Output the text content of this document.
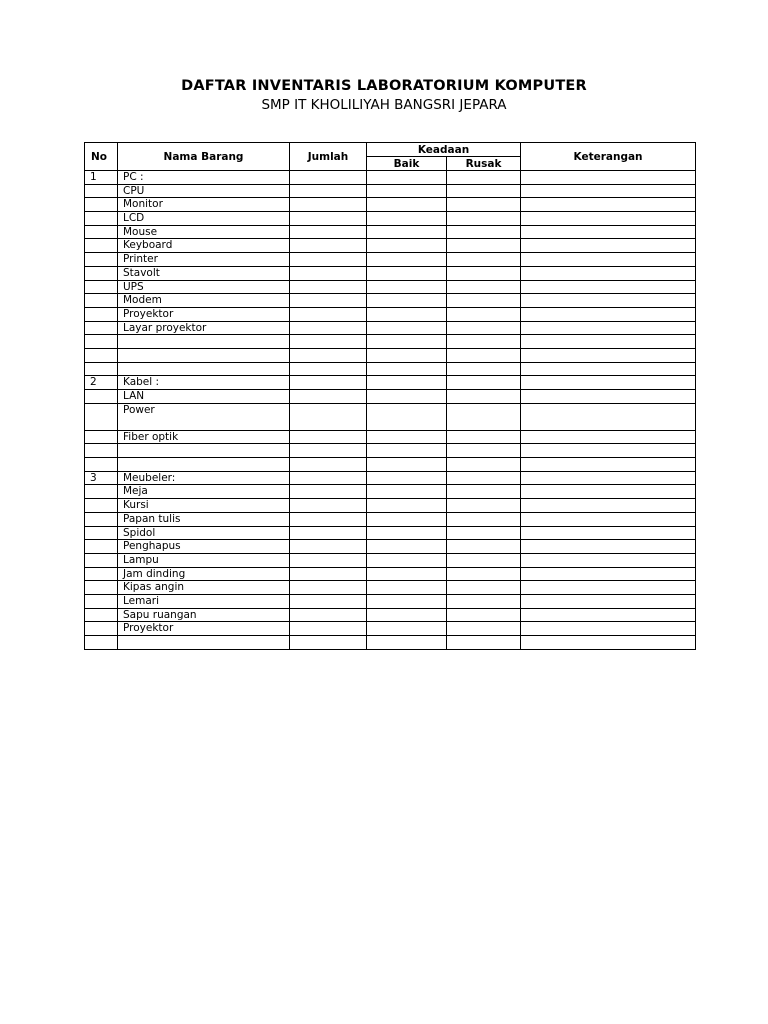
DAFTAR INVENTARIS LABORATORIUM KOMPUTER
SMP IT KHOLILIYAH BANGSRI JEPARA
No	Nama Barang	Jumlah	Keadaan		Keterangan
			Baik	Rusak	
1	PC :				
	CPU				
	Monitor				
	LCD				
	Mouse				
	Keyboard				
	Printer				
	Stavolt				
	UPS				
	Modem				
	Proyektor				
	Layar proyektor				

2	Kabel :				
	LAN				
	Power				
	Fiber optik				

3	Meubeler:				
	Meja				
	Kursi				
	Papan tulis				
	Spidol				
	Penghapus				
	Lampu				
	Jam dinding				
	Kipas angin				
	Lemari				
	Sapu ruangan				
	Proyektor				
